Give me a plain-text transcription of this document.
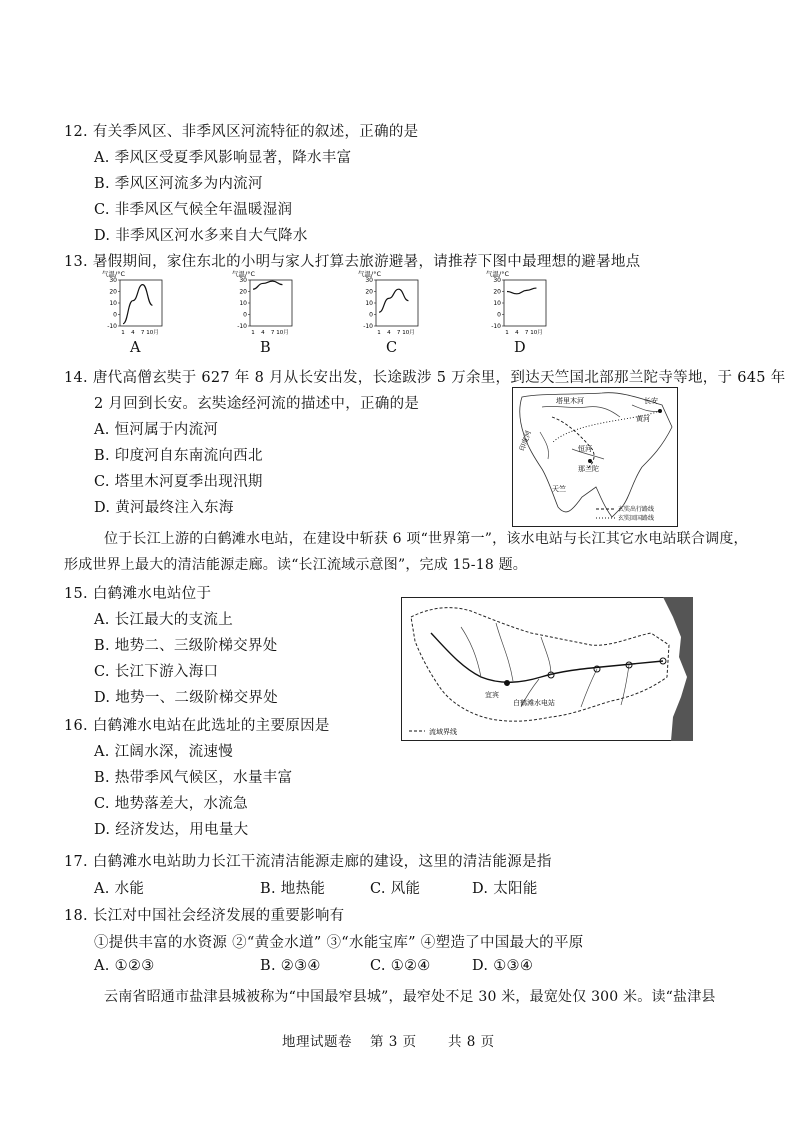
12. 有关季风区、非季风区河流特征的叙述，正确的是
A. 季风区受夏季风影响显著，降水丰富
B. 季风区河流多为内流河
C. 非季风区气候全年温暖湿润
D. 非季风区河水多来自大气降水
13. 暑假期间，家住东北的小明与家人打算去旅游避暑，请推荐下图中最理想的避暑地点
气温/°C
30
20
10
0
-10
1 4 7 10月
A
气温/°C
30
20
10
0
-10
1 4 7 10月
B
气温/°C
30
20
10
0
-10
1 4 7 10月
C
气温/°C
30
20
10
0
-10
1 4 7 10月
D
14. 唐代高僧玄奘于 627 年 8 月从长安出发，长途跋涉 5 万余里，到达天竺国北部那兰陀寺等地，于 645 年
2 月回到长安。玄奘途经河流的描述中，正确的是
A. 恒河属于内流河
B. 印度河自东南流向西北
C. 塔里木河夏季出现汛期
D. 黄河最终注入东海
长安
塔里木河
黄河
印度河	恒河
那兰陀
天竺
玄奘出行路线
玄奘回国路线
位于长江上游的白鹤滩水电站，在建设中斩获 6 项“世界第一”，该水电站与长江其它水电站联合调度，
形成世界上最大的清洁能源走廊。读“长江流域示意图”，完成 15-18 题。
15. 白鹤滩水电站位于
A. 长江最大的支流上
B. 地势二、三级阶梯交界处
C. 长江下游入海口
D. 地势一、二级阶梯交界处	宜宾
白鹤滩水电站
流域界线
16. 白鹤滩水电站在此选址的主要原因是
A. 江阔水深，流速慢
B. 热带季风气候区，水量丰富
C. 地势落差大，水流急
D. 经济发达，用电量大
17. 白鹤滩水电站助力长江干流清洁能源走廊的建设，这里的清洁能源是指
A. 水能	B. 地热能	C. 风能	D. 太阳能
18. 长江对中国社会经济发展的重要影响有
①提供丰富的水资源 ②“黄金水道” ③“水能宝库” ④塑造了中国最大的平原
A. ①②③	B. ②③④	C. ①②④	D. ①③④
云南省昭通市盐津县城被称为“中国最窄县城”，最窄处不足 30 米，最宽处仅 300 米。读“盐津县
地理试题卷 第 3 页 共 8 页
